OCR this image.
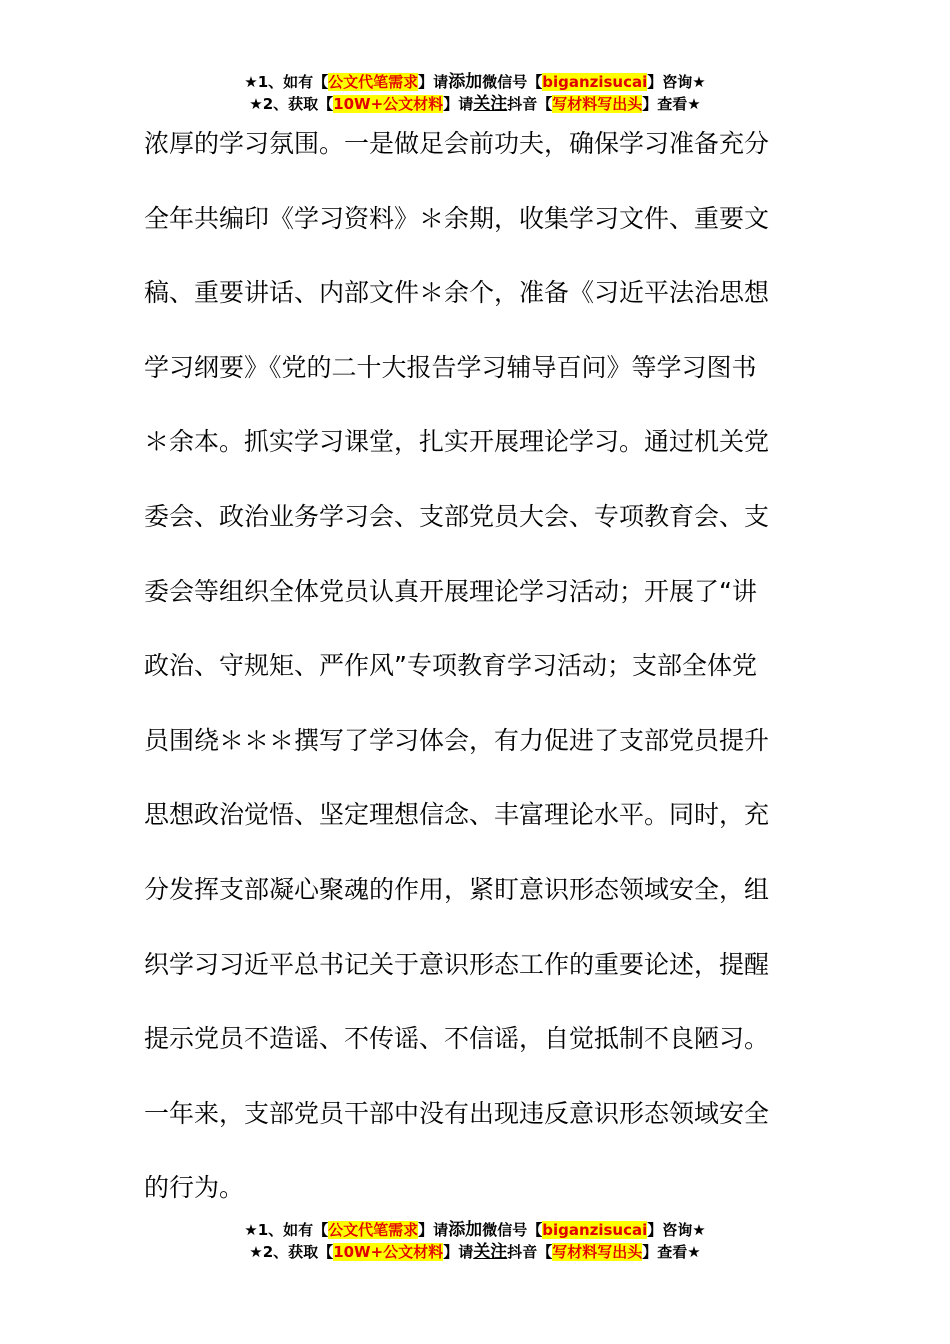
★1、如有【公文代笔需求】请添加微信号【biganzisucai】咨询★
★2、获取【10W+公文材料】请关注抖音【写材料写出头】查看★
浓厚的学习氛围。一是做足会前功夫，确保学习准备充分
全年共编印《学习资料》＊余期，收集学习文件、重要文
稿、重要讲话、内部文件＊余个，准备《习近平法治思想
学习纲要》《党的二十大报告学习辅导百问》等学习图书
＊余本。抓实学习课堂，扎实开展理论学习。通过机关党
委会、政治业务学习会、支部党员大会、专项教育会、支
委会等组织全体党员认真开展理论学习活动；开展了“讲
政治、守规矩、严作风”专项教育学习活动；支部全体党
员围绕＊＊＊撰写了学习体会，有力促进了支部党员提升
思想政治觉悟、坚定理想信念、丰富理论水平。同时，充
分发挥支部凝心聚魂的作用，紧盯意识形态领域安全，组
织学习习近平总书记关于意识形态工作的重要论述，提醒
提示党员不造谣、不传谣、不信谣，自觉抵制不良陋习。
一年来，支部党员干部中没有出现违反意识形态领域安全
的行为。
★1、如有【公文代笔需求】请添加微信号【biganzisucai】咨询★
★2、获取【10W+公文材料】请关注抖音【写材料写出头】查看★
